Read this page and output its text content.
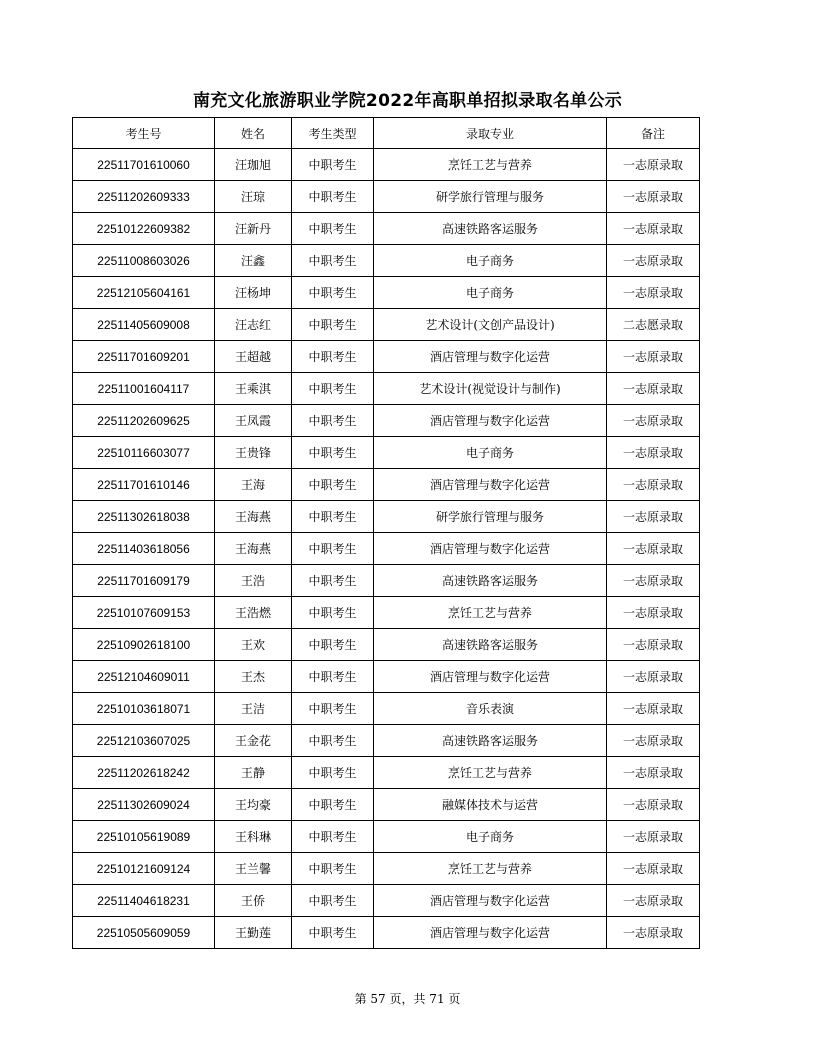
南充文化旅游职业学院2022年高职单招拟录取名单公示
考生号	姓名	考生类型	录取专业	备注
22511701610060	汪珈旭	中职考生	烹饪工艺与营养	一志原录取
22511202609333	汪琼	中职考生	研学旅行管理与服务	一志原录取
22510122609382	汪新丹	中职考生	高速铁路客运服务	一志原录取
22511008603026	汪鑫	中职考生	电子商务	一志原录取
22512105604161	汪杨坤	中职考生	电子商务	一志原录取
22511405609008	汪志红	中职考生	艺术设计(文创产品设计)	二志愿录取
22511701609201	王超越	中职考生	酒店管理与数字化运营	一志原录取
22511001604117	王乘淇	中职考生	艺术设计(视觉设计与制作)	一志原录取
22511202609625	王凤霞	中职考生	酒店管理与数字化运营	一志原录取
22510116603077	王贵锋	中职考生	电子商务	一志原录取
22511701610146	王海	中职考生	酒店管理与数字化运营	一志原录取
22511302618038	王海燕	中职考生	研学旅行管理与服务	一志原录取
22511403618056	王海燕	中职考生	酒店管理与数字化运营	一志原录取
22511701609179	王浩	中职考生	高速铁路客运服务	一志原录取
22510107609153	王浩燃	中职考生	烹饪工艺与营养	一志原录取
22510902618100	王欢	中职考生	高速铁路客运服务	一志原录取
22512104609011	王杰	中职考生	酒店管理与数字化运营	一志原录取
22510103618071	王洁	中职考生	音乐表演	一志原录取
22512103607025	王金花	中职考生	高速铁路客运服务	一志原录取
22511202618242	王静	中职考生	烹饪工艺与营养	一志原录取
22511302609024	王均豪	中职考生	融媒体技术与运营	一志原录取
22510105619089	王科琳	中职考生	电子商务	一志原录取
22510121609124	王兰馨	中职考生	烹饪工艺与营养	一志原录取
22511404618231	王侨	中职考生	酒店管理与数字化运营	一志原录取
22510505609059	王勤莲	中职考生	酒店管理与数字化运营	一志原录取
第 57 页，共 71 页
